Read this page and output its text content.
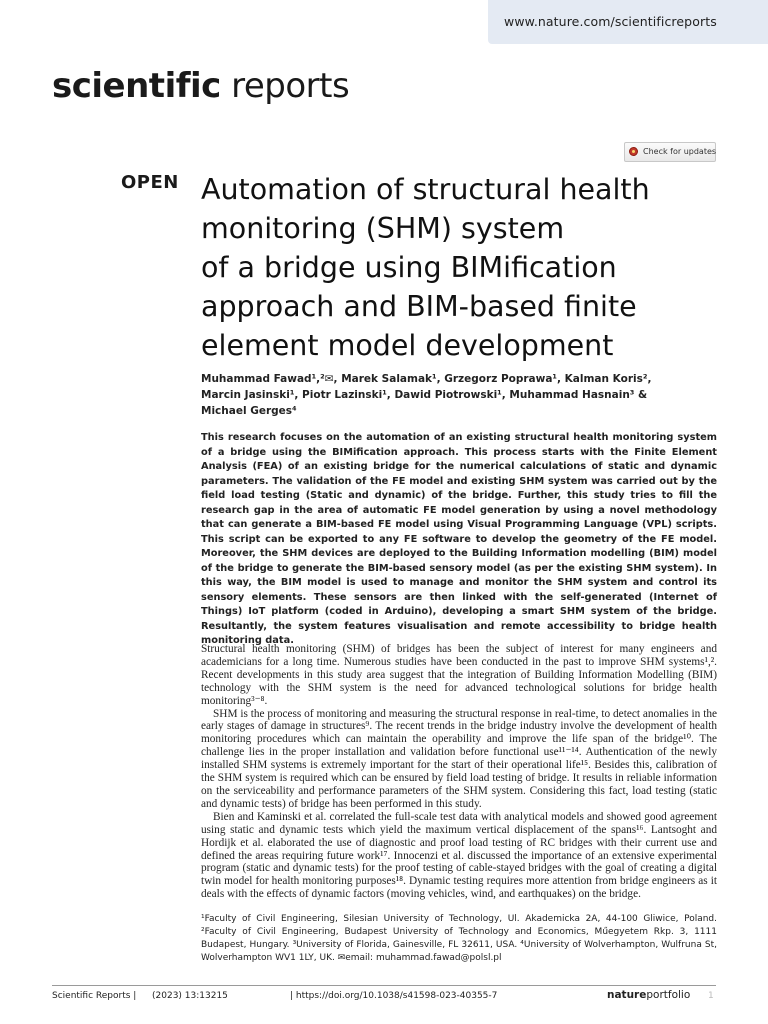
www.nature.com/scientificreports
scientific reports
Check for updates
OPEN Automation of structural health
monitoring (SHM) system
of a bridge using BIMification
approach and BIM-based finite
element model development
Muhammad Fawad¹,²✉, Marek Salamak¹, Grzegorz Poprawa¹, Kalman Koris², Marcin Jasinski¹, Piotr Lazinski¹, Dawid Piotrowski¹, Muhammad Hasnain³ & Michael Gerges⁴
This research focuses on the automation of an existing structural health monitoring system of a bridge using the BIMification approach. This process starts with the Finite Element Analysis (FEA) of an existing bridge for the numerical calculations of static and dynamic parameters. The validation of the FE model and existing SHM system was carried out by the field load testing (Static and dynamic) of the bridge. Further, this study tries to fill the research gap in the area of automatic FE model generation by using a novel methodology that can generate a BIM-based FE model using Visual Programming Language (VPL) scripts. This script can be exported to any FE software to develop the geometry of the FE model. Moreover, the SHM devices are deployed to the Building Information modelling (BIM) model of the bridge to generate the BIM-based sensory model (as per the existing SHM system). In this way, the BIM model is used to manage and monitor the SHM system and control its sensory elements. These sensors are then linked with the self-generated (Internet of Things) IoT platform (coded in Arduino), developing a smart SHM system of the bridge. Resultantly, the system features visualisation and remote accessibility to bridge health monitoring data.

Structural health monitoring (SHM) of bridges has been the subject of interest for many engineers and academicians for a long time. Numerous studies have been conducted in the past to improve SHM systems¹,². Recent developments in this study area suggest that the integration of Building Information Modelling (BIM) technology with the SHM system is the need for advanced technological solutions for bridge health monitoring³⁻⁸.

SHM is the process of monitoring and measuring the structural response in real-time, to detect anomalies in the early stages of damage in structures⁹. The recent trends in the bridge industry involve the development of health monitoring procedures which can maintain the operability and improve the life span of the bridge¹⁰. The challenge lies in the proper installation and validation before functional use¹¹⁻¹⁴. Authentication of the newly installed SHM systems is extremely important for the start of their operational life¹⁵. Besides this, calibration of the SHM system is required which can be ensured by field load testing of bridge. It results in reliable information on the serviceability and performance parameters of the SHM system. Considering this fact, load testing (static and dynamic tests) of bridge has been performed in this study.

Bien and Kaminski et al. correlated the full-scale test data with analytical models and showed good agreement using static and dynamic tests which yield the maximum vertical displacement of the spans¹⁶. Lantsoght and Hordijk et al. elaborated the use of diagnostic and proof load testing of RC bridges with their current use and defined the areas requiring future work¹⁷. Innocenzi et al. discussed the importance of an extensive experimental program (static and dynamic tests) for the proof testing of cable-stayed bridges with the goal of creating a digital twin model for health monitoring purposes¹⁸. Dynamic testing requires more attention from bridge engineers as it deals with the effects of dynamic factors (moving vehicles, wind, and earthquakes) on the bridge.

¹Faculty of Civil Engineering, Silesian University of Technology, Ul. Akademicka 2A, 44-100 Gliwice, Poland. ²Faculty of Civil Engineering, Budapest University of Technology and Economics, Műegyetem Rkp. 3, 1111 Budapest, Hungary. ³University of Florida, Gainesville, FL 32611, USA. ⁴University of Wolverhampton, Wulfruna St, Wolverhampton WV1 1LY, UK. ✉email: muhammad.fawad@polsl.pl
Scientific Reports | (2023) 13:13215	| https://doi.org/10.1038/s41598-023-40355-7	natureportfolio 1
